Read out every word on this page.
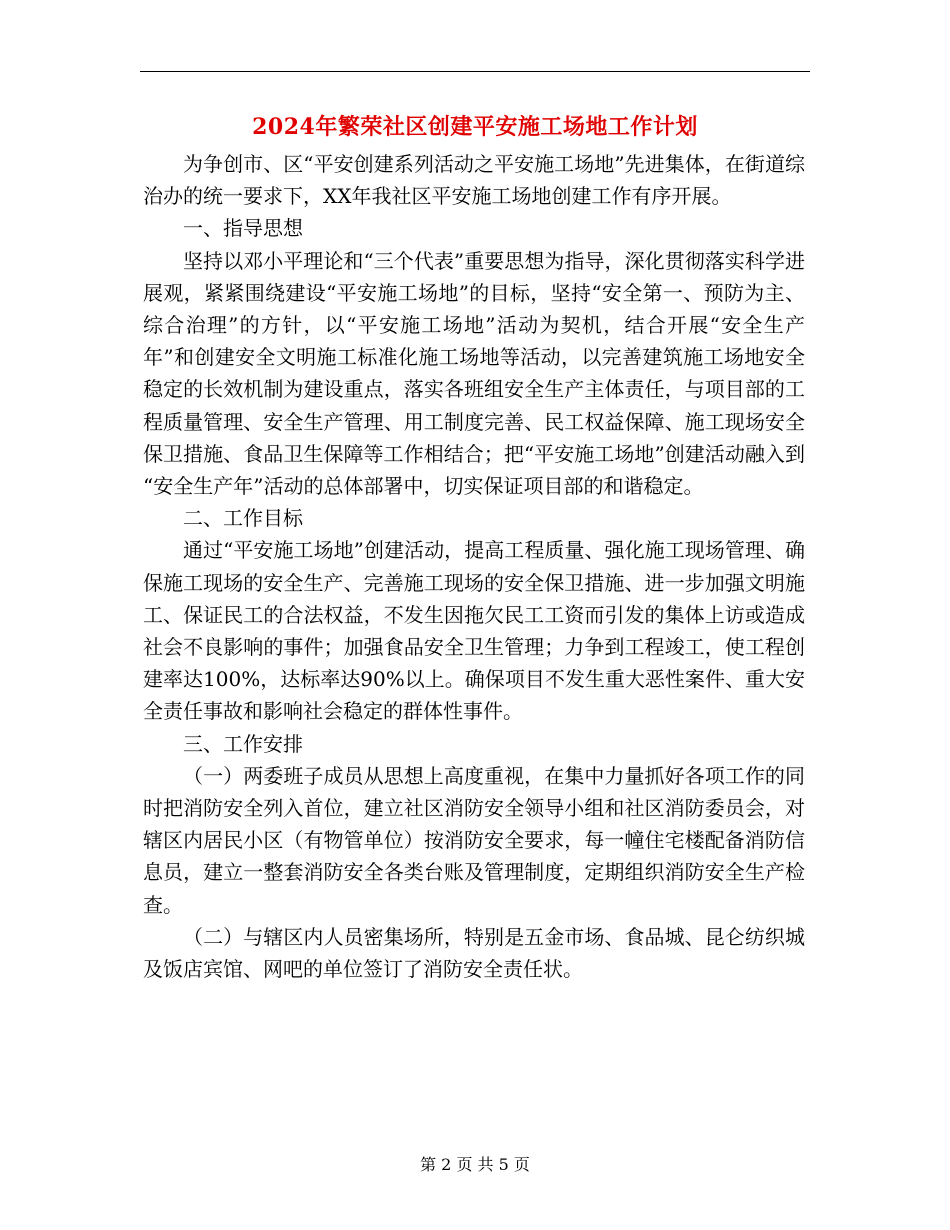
2024年繁荣社区创建平安施工场地工作计划

为争创市、区“平安创建系列活动之平安施工场地”先进集体，在街道综治办的统一要求下，XX年我社区平安施工场地创建工作有序开展。

一、指导思想

坚持以邓小平理论和“三个代表”重要思想为指导，深化贯彻落实科学进展观，紧紧围绕建设“平安施工场地”的目标，坚持“安全第一、预防为主、综合治理”的方针，以“平安施工场地”活动为契机，结合开展“安全生产年”和创建安全文明施工标准化施工场地等活动，以完善建筑施工场地安全稳定的长效机制为建设重点，落实各班组安全生产主体责任，与项目部的工程质量管理、安全生产管理、用工制度完善、民工权益保障、施工现场安全保卫措施、食品卫生保障等工作相结合；把“平安施工场地”创建活动融入到 “安全生产年”活动的总体部署中，切实保证项目部的和谐稳定。

二、工作目标

通过“平安施工场地”创建活动，提高工程质量、强化施工现场管理、确保施工现场的安全生产、完善施工现场的安全保卫措施、进一步加强文明施工、保证民工的合法权益，不发生因拖欠民工工资而引发的集体上访或造成社会不良影响的事件；加强食品安全卫生管理；力争到工程竣工，使工程创建率达100%，达标率达90%以上。确保项目不发生重大恶性案件、重大安全责任事故和影响社会稳定的群体性事件。

三、工作安排

（一）两委班子成员从思想上高度重视，在集中力量抓好各项工作的同时把消防安全列入首位，建立社区消防安全领导小组和社区消防委员会，对辖区内居民小区（有物管单位）按消防安全要求，每一幢住宅楼配备消防信息员，建立一整套消防安全各类台账及管理制度，定期组织消防安全生产检查。

（二）与辖区内人员密集场所，特别是五金市场、食品城、昆仑纺织城及饭店宾馆、网吧的单位签订了消防安全责任状。

第 2 页 共 5 页
